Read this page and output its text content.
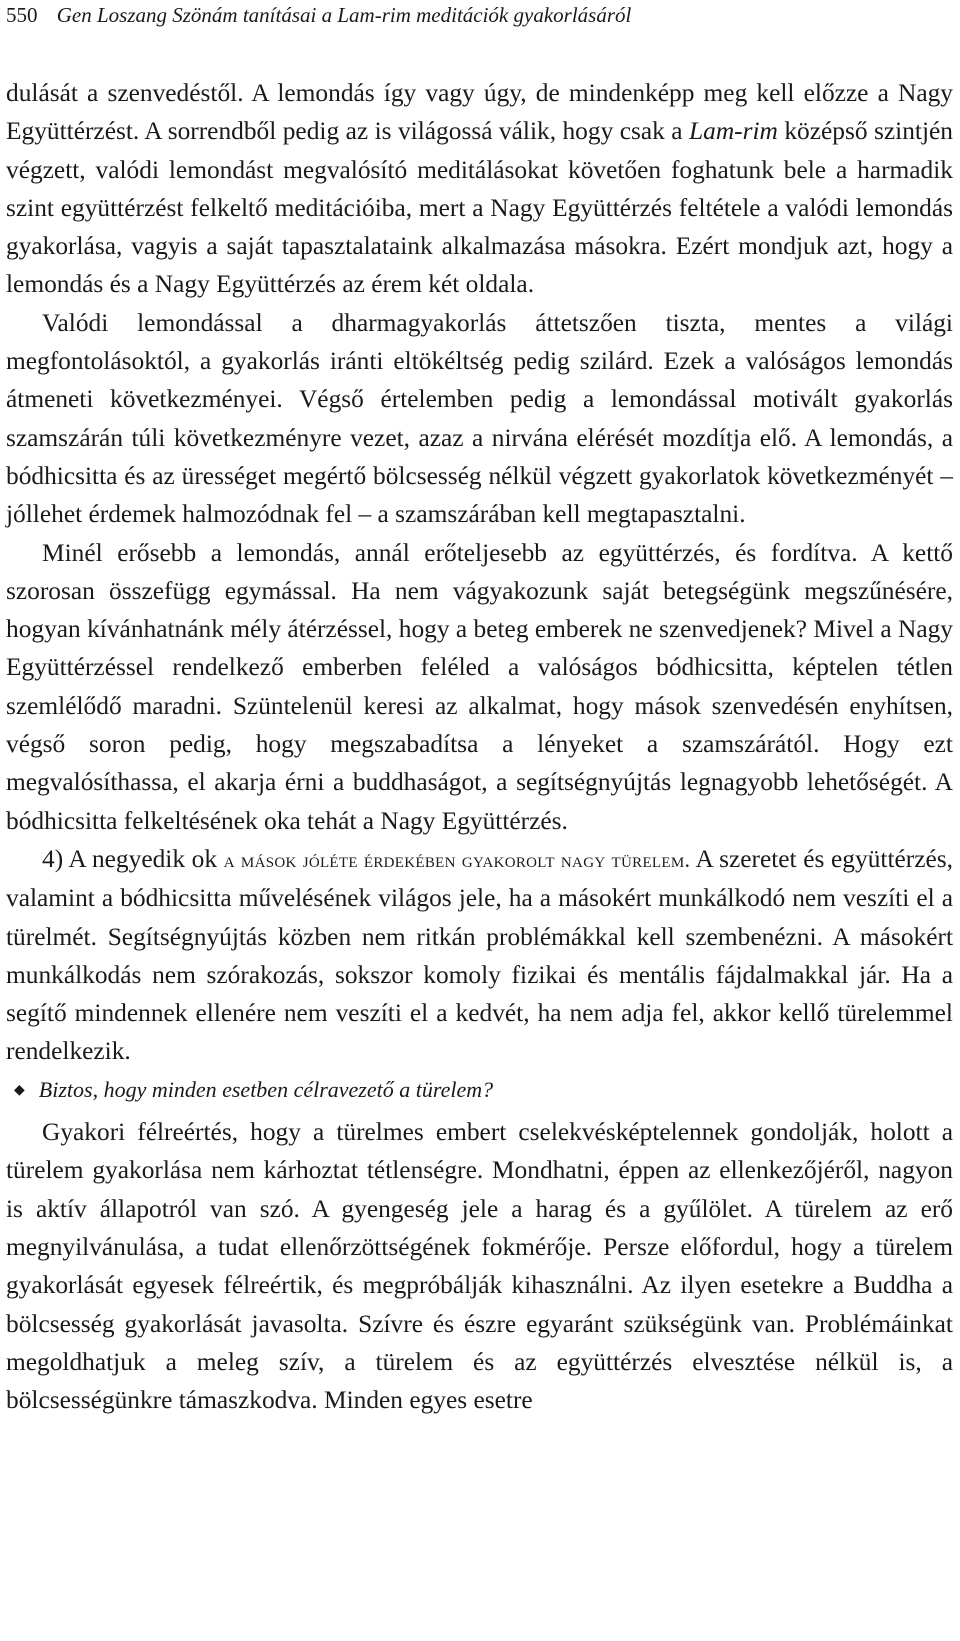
550 Gen Loszang Szönám tanításai a Lam-rim meditációk gyakorlásáról

dulását a szenvedéstől. A lemondás így vagy úgy, de mindenképp meg kell előzze a Nagy Együttérzést. A sorrendből pedig az is világossá válik, hogy csak a Lam-rim középső szintjén végzett, valódi lemondást megvalósító meditálásokat követően foghatunk bele a harmadik szint együttérzést felkeltő meditációiba, mert a Nagy Együttérzés feltétele a valódi lemondás gyakorlása, vagyis a saját tapasztalataink alkalmazása másokra. Ezért mondjuk azt, hogy a lemondás és a Nagy Együttérzés az érem két oldala.

Valódi lemondással a dharmagyakorlás áttetszően tiszta, mentes a világi megfontolásoktól, a gyakorlás iránti eltökéltség pedig szilárd. Ezek a valóságos lemondás átmeneti következményei. Végső értelemben pedig a lemondással motivált gyakorlás szamszárán túli következményre vezet, azaz a nirvána elérését mozdítja elő. A lemondás, a bódhicsitta és az ürességet megértő bölcsesség nélkül végzett gyakorlatok következményét – jóllehet érdemek halmozódnak fel – a szamszárában kell megtapasztalni.

Minél erősebb a lemondás, annál erőteljesebb az együttérzés, és fordítva. A kettő szorosan összefügg egymással. Ha nem vágyakozunk saját betegségünk megszűnésére, hogyan kívánhatnánk mély átérzéssel, hogy a beteg emberek ne szenvedjenek? Mivel a Nagy Együttérzéssel rendelkező emberben feléled a valóságos bódhicsitta, képtelen tétlen szemlélődő maradni. Szüntelenül keresi az alkalmat, hogy mások szenvedésén enyhítsen, végső soron pedig, hogy megszabadítsa a lényeket a szamszárától. Hogy ezt megvalósíthassa, el akarja érni a buddhaságot, a segítségnyújtás legnagyobb lehetőségét. A bódhicsitta felkeltésének oka tehát a Nagy Együttérzés.

4) A negyedik ok a mások jóléte érdekében gyakorolt nagy türelem. A szeretet és együttérzés, valamint a bódhicsitta művelésének világos jele, ha a másokért munkálkodó nem veszíti el a türelmét. Segítségnyújtás közben nem ritkán problémákkal kell szembenézni. A másokért munkálkodás nem szórakozás, sokszor komoly fizikai és mentális fájdalmakkal jár. Ha a segítő mindennek ellenére nem veszíti el a kedvét, ha nem adja fel, akkor kellő türelemmel rendelkezik.

◆ Biztos, hogy minden esetben célravezető a türelem?

Gyakori félreértés, hogy a türelmes embert cselekvésképtelennek gondolják, holott a türelem gyakorlása nem kárhoztat tétlenségre. Mondhatni, éppen az ellenkezőjéről, nagyon is aktív állapotról van szó. A gyengeség jele a harag és a gyűlölet. A türelem az erő megnyilvánulása, a tudat ellenőrzöttségének fokmérője. Persze előfordul, hogy a türelem gyakorlását egyesek félreértik, és megpróbálják kihasználni. Az ilyen esetekre a Buddha a bölcsesség gyakorlását javasolta. Szívre és észre egyaránt szükségünk van. Problémáinkat megoldhatjuk a meleg szív, a türelem és az együttérzés elvesztése nélkül is, a bölcsességünkre támaszkodva. Minden egyes esetre
